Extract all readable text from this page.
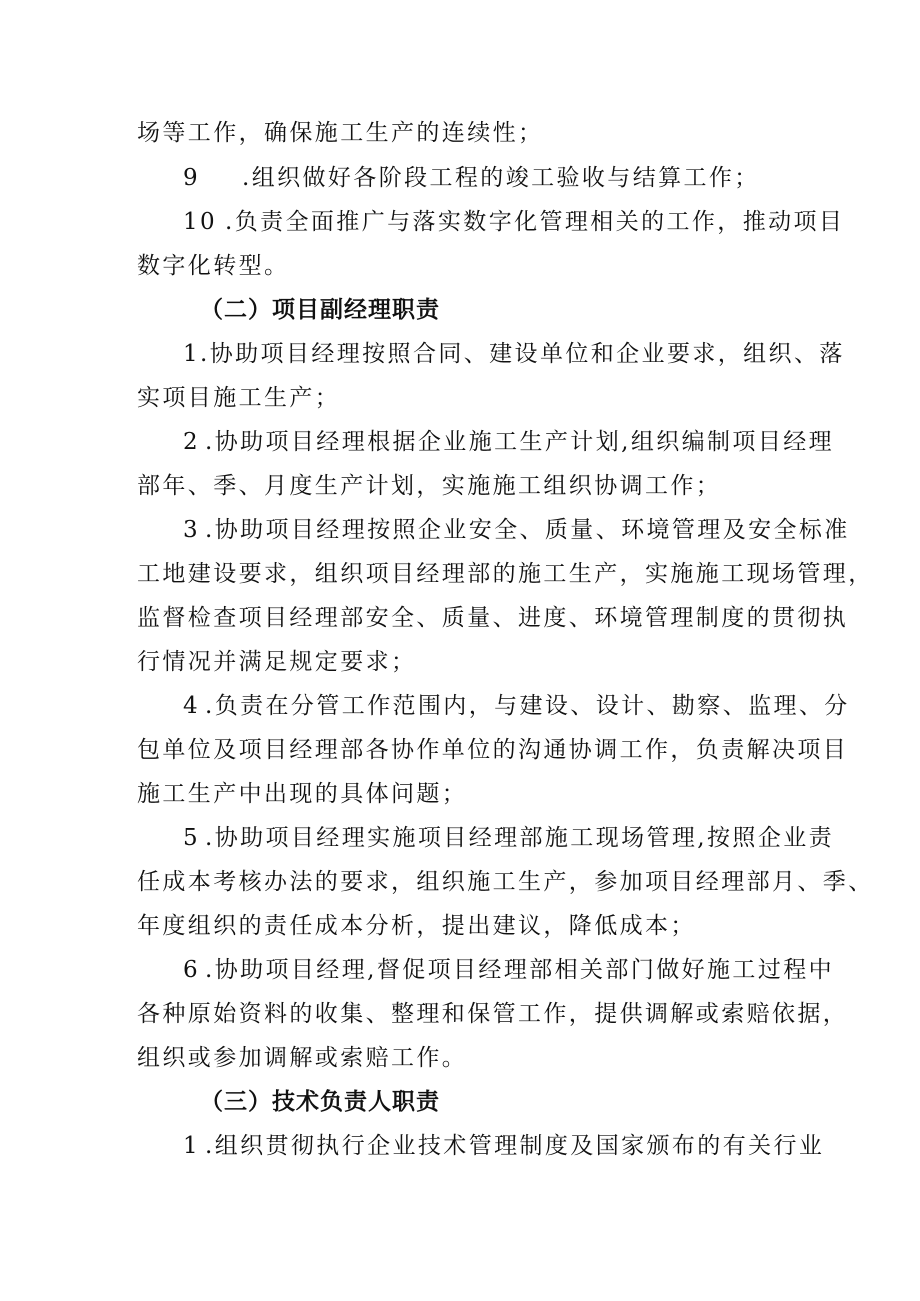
场等工作，确保施工生产的连续性；
9 .组织做好各阶段工程的竣工验收与结算工作；
10 .负责全面推广与落实数字化管理相关的工作，推动项目
数字化转型。
（二）项目副经理职责
1.协助项目经理按照合同、建设单位和企业要求，组织、落
实项目施工生产；
2 .协助项目经理根据企业施工生产计划,组织编制项目经理
部年、季、月度生产计划，实施施工组织协调工作；
3 .协助项目经理按照企业安全、质量、环境管理及安全标准
工地建设要求，组织项目经理部的施工生产，实施施工现场管理，
监督检查项目经理部安全、质量、进度、环境管理制度的贯彻执
行情况并满足规定要求；
4 .负责在分管工作范围内，与建设、设计、勘察、监理、分
包单位及项目经理部各协作单位的沟通协调工作，负责解决项目
施工生产中出现的具体问题；
5 .协助项目经理实施项目经理部施工现场管理,按照企业责
任成本考核办法的要求，组织施工生产，参加项目经理部月、季、
年度组织的责任成本分析，提出建议，降低成本；
6 .协助项目经理,督促项目经理部相关部门做好施工过程中
各种原始资料的收集、整理和保管工作，提供调解或索赔依据，
组织或参加调解或索赔工作。
（三）技术负责人职责
1 .组织贯彻执行企业技术管理制度及国家颁布的有关行业
